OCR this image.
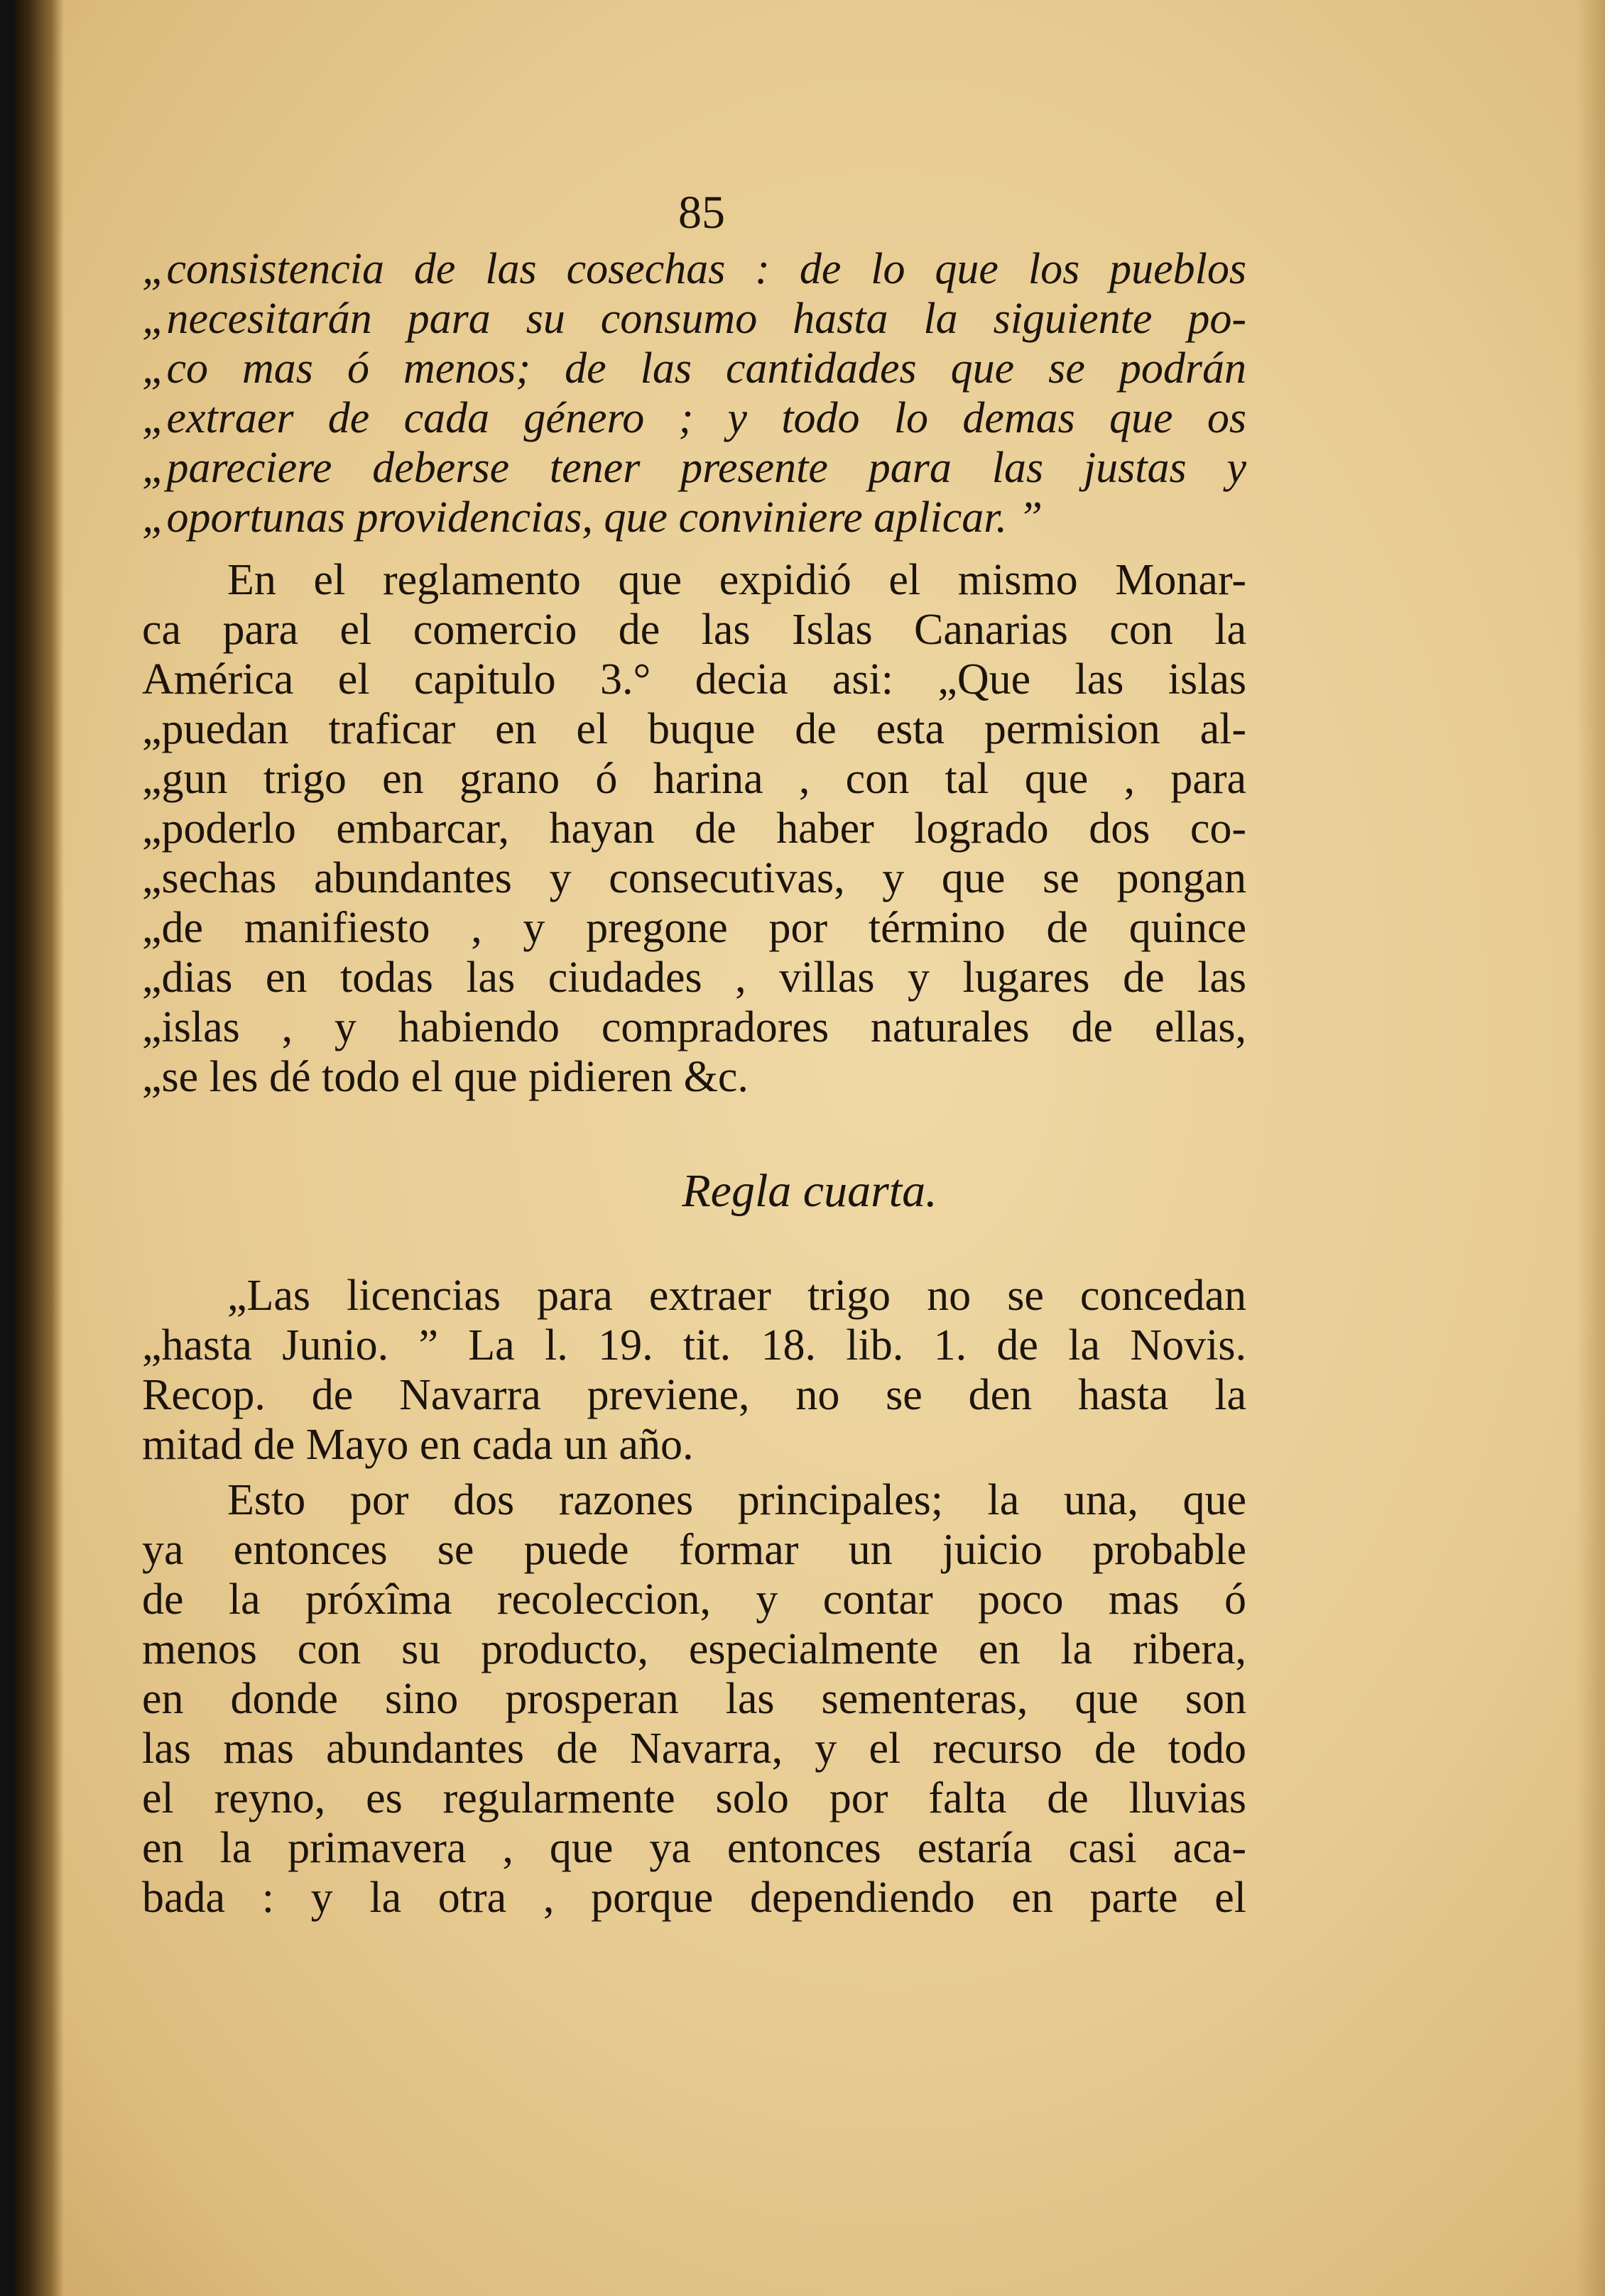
85
„consistencia de las cosechas : de lo que los pueblos
„necesitarán para su consumo hasta la siguiente po-
„co mas ó menos; de las cantidades que se podrán
„extraer de cada género ; y todo lo demas que os
„pareciere deberse tener presente para las justas y
„oportunas providencias, que conviniere aplicar. ”
En el reglamento que expidió el mismo Monar-
ca para el comercio de las Islas Canarias con la
América el capitulo 3.° decia asi: „Que las islas
„puedan traficar en el buque de esta permision al-
„gun trigo en grano ó harina , con tal que , para
„poderlo embarcar, hayan de haber logrado dos co-
„sechas abundantes y consecutivas, y que se pongan
„de manifiesto , y pregone por término de quince
„dias en todas las ciudades , villas y lugares de las
„islas , y habiendo compradores naturales de ellas,
„se les dé todo el que pidieren &c.
Regla cuarta.
„Las licencias para extraer trigo no se concedan
„hasta Junio. ” La l. 19. tit. 18. lib. 1. de la Novis.
Recop. de Navarra previene, no se den hasta la
mitad de Mayo en cada un año.
Esto por dos razones principales; la una, que
ya entonces se puede formar un juicio probable
de la próxîma recoleccion, y contar poco mas ó
menos con su producto, especialmente en la ribera,
en donde sino prosperan las sementeras, que son
las mas abundantes de Navarra, y el recurso de todo
el reyno, es regularmente solo por falta de lluvias
en la primavera , que ya entonces estaría casi aca-
bada : y la otra , porque dependiendo en parte el
